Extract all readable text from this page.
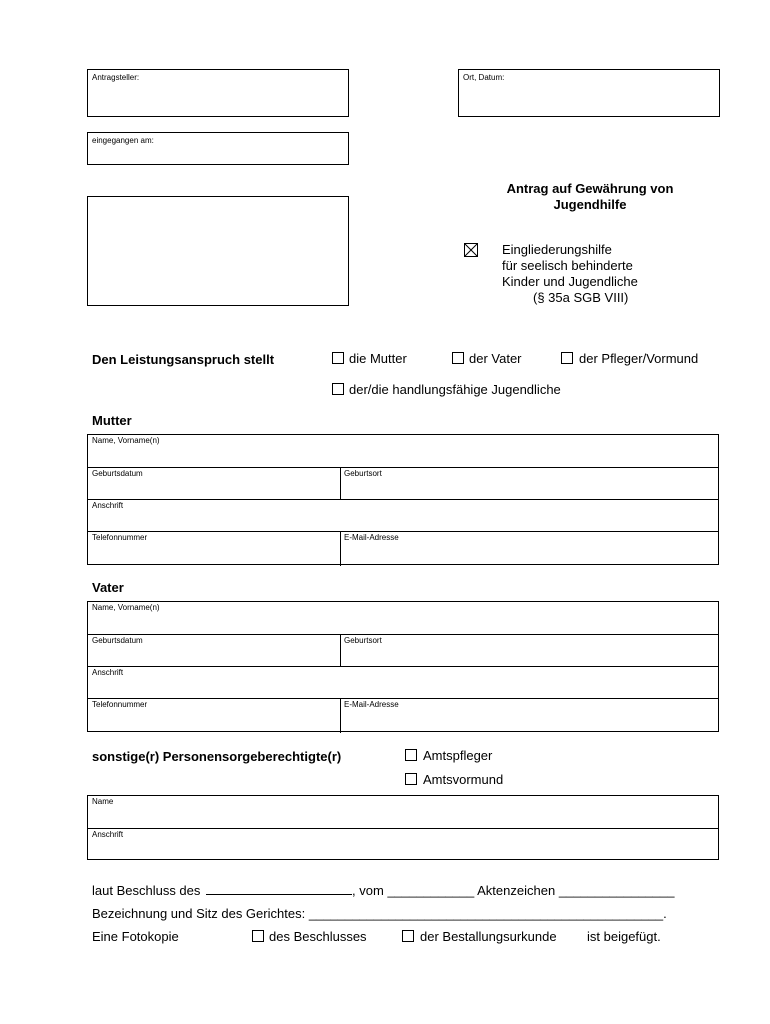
Antragsteller:	Ort, Datum:
eingegangen am:
Antrag auf Gewährung von
Jugendhilfe
Eingliederungshilfe
für seelisch behinderte
Kinder und Jugendliche
(§ 35a SGB VIII)
Den Leistungsanspruch stellt	die Mutter	der Vater	der Pfleger/Vormund
der/die handlungsfähige Jugendliche
Mutter
Name, Vorname(n)
Geburtsdatum	Geburtsort
Anschrift
Telefonnummer	E-Mail-Adresse
Vater
Name, Vorname(n)
Geburtsdatum	Geburtsort
Anschrift
Telefonnummer	E-Mail-Adresse
sonstige(r) Personensorgeberechtigte(r)	Amtspfleger
Amtsvormund
Name
Anschrift
laut Beschluss des	, vom ____________ Aktenzeichen ________________
Bezeichnung und Sitz des Gerichtes: _________________________________________________.
Eine Fotokopie	des Beschlusses	der Bestallungsurkunde ist beigefügt.
